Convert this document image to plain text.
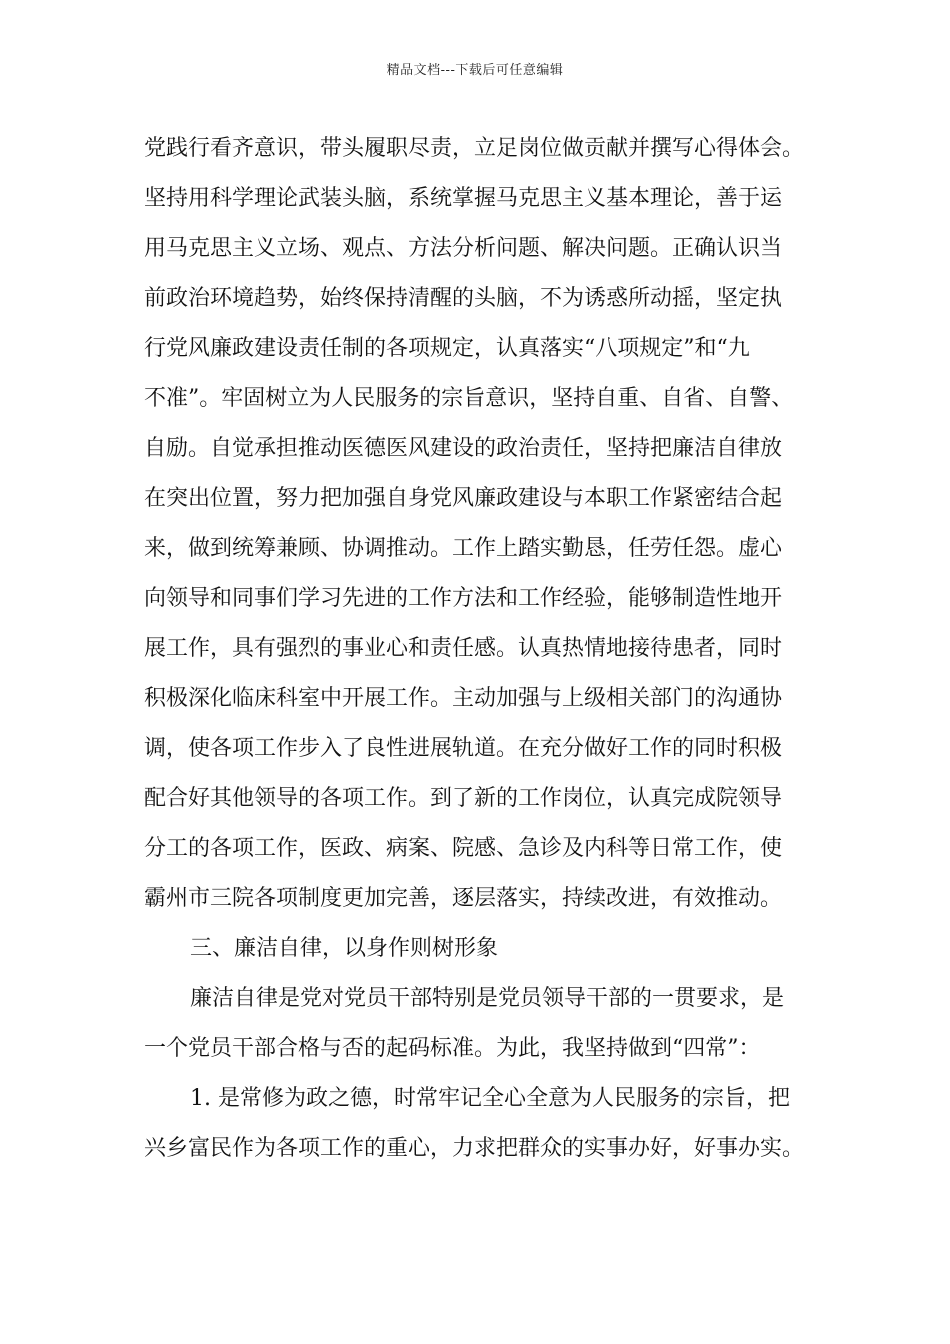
精品文档---下载后可任意编辑
党践行看齐意识，带头履职尽责，立足岗位做贡献并撰写心得体会。
坚持用科学理论武装头脑，系统掌握马克思主义基本理论，善于运
用马克思主义立场、观点、方法分析问题、解决问题。正确认识当
前政治环境趋势，始终保持清醒的头脑，不为诱惑所动摇，坚定执
行党风廉政建设责任制的各项规定，认真落实“八项规定”和“九
不准”。牢固树立为人民服务的宗旨意识，坚持自重、自省、自警、
自励。自觉承担推动医德医风建设的政治责任，坚持把廉洁自律放
在突出位置，努力把加强自身党风廉政建设与本职工作紧密结合起
来，做到统筹兼顾、协调推动。工作上踏实勤恳，任劳任怨。虚心
向领导和同事们学习先进的工作方法和工作经验，能够制造性地开
展工作，具有强烈的事业心和责任感。认真热情地接待患者，同时
积极深化临床科室中开展工作。主动加强与上级相关部门的沟通协
调，使各项工作步入了良性进展轨道。在充分做好工作的同时积极
配合好其他领导的各项工作。到了新的工作岗位，认真完成院领导
分工的各项工作，医政、病案、院感、急诊及内科等日常工作，使
霸州市三院各项制度更加完善，逐层落实，持续改进，有效推动。
三、廉洁自律，以身作则树形象
廉洁自律是党对党员干部特别是党员领导干部的一贯要求，是
一个党员干部合格与否的起码标准。为此，我坚持做到“四常”：
1. 是常修为政之德，时常牢记全心全意为人民服务的宗旨，把
兴乡富民作为各项工作的重心，力求把群众的实事办好，好事办实。
